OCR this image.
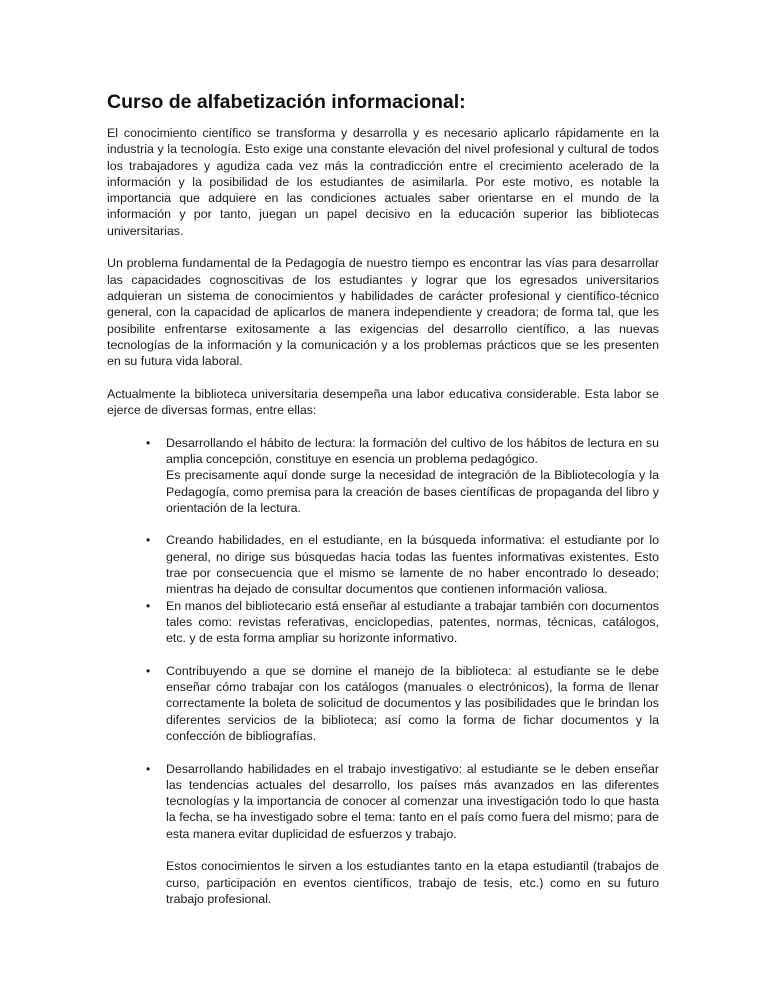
Curso de alfabetización informacional:

El conocimiento científico se transforma y desarrolla y es necesario aplicarlo rápidamente en la industria y la tecnología. Esto exige una constante elevación del nivel profesional y cultural de todos los trabajadores y agudiza cada vez más la contradicción entre el crecimiento acelerado de la información y la posibilidad de los estudiantes de asimilarla. Por este motivo, es notable la importancia que adquiere en las condiciones actuales saber orientarse en el mundo de la información y por tanto, juegan un papel decisivo en la educación superior las bibliotecas universitarias.

Un problema fundamental de la Pedagogía de nuestro tiempo es encontrar las vías para desarrollar las capacidades cognoscitivas de los estudiantes y lograr que los egresados universitarios adquieran un sistema de conocimientos y habilidades de carácter profesional y científico-técnico general, con la capacidad de aplicarlos de manera independiente y creadora; de forma tal, que les posibilite enfrentarse exitosamente a las exigencias del desarrollo científico, a las nuevas tecnologías de la información y la comunicación y a los problemas prácticos que se les presenten en su futura vida laboral.

Actualmente la biblioteca universitaria desempeña una labor educativa considerable. Esta labor se ejerce de diversas formas, entre ellas:

• Desarrollando el hábito de lectura: la formación del cultivo de los hábitos de lectura en su amplia concepción, constituye en esencia un problema pedagógico.
Es precisamente aquí donde surge la necesidad de integración de la Bibliotecología y la Pedagogía, como premisa para la creación de bases científicas de propaganda del libro y orientación de la lectura.
• Creando habilidades, en el estudiante, en la búsqueda informativa: el estudiante por lo general, no dirige sus búsquedas hacia todas las fuentes informativas existentes. Esto trae por consecuencia que el mismo se lamente de no haber encontrado lo deseado; mientras ha dejado de consultar documentos que contienen información valiosa.
• En manos del bibliotecario está enseñar al estudiante a trabajar también con documentos tales como: revistas referativas, enciclopedias, patentes, normas, técnicas, catálogos, etc. y de esta forma ampliar su horizonte informativo.
• Contribuyendo a que se domine el manejo de la biblioteca: al estudiante se le debe enseñar cómo trabajar con los catálogos (manuales o electrónicos), la forma de llenar correctamente la boleta de solicitud de documentos y las posibilidades que le brindan los diferentes servicios de la biblioteca; así como la forma de fichar documentos y la confección de bibliografías.
• Desarrollando habilidades en el trabajo investigativo: al estudiante se le deben enseñar las tendencias actuales del desarrollo, los países más avanzados en las diferentes tecnologías y la importancia de conocer al comenzar una investigación todo lo que hasta la fecha, se ha investigado sobre el tema: tanto en el país como fuera del mismo; para de esta manera evitar duplicidad de esfuerzos y trabajo.

Estos conocimientos le sirven a los estudiantes tanto en la etapa estudiantil (trabajos de curso, participación en eventos científicos, trabajo de tesis, etc.) como en su futuro trabajo profesional.
